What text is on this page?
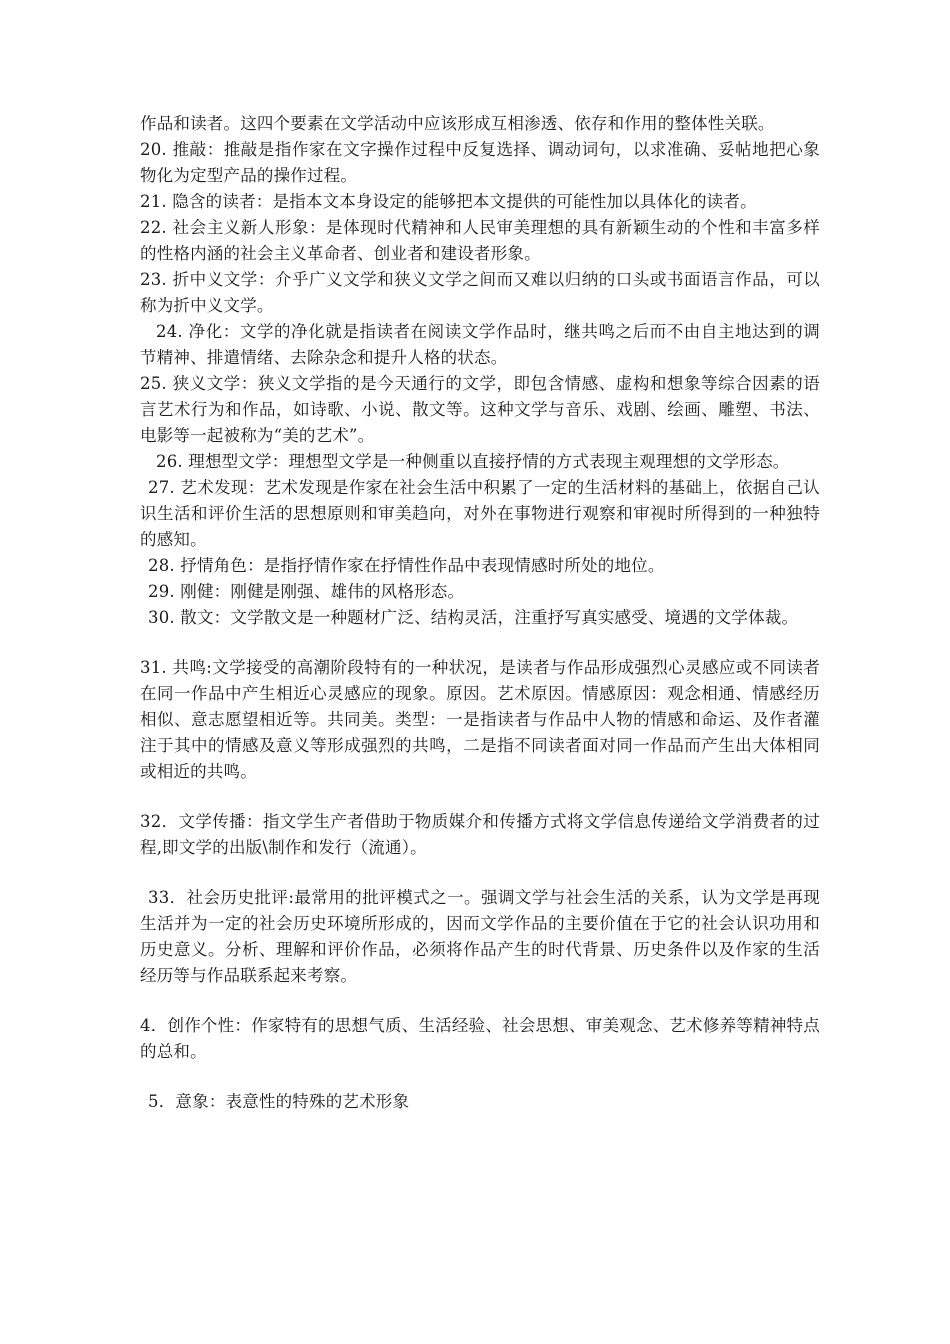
作品和读者。这四个要素在文学活动中应该形成互相渗透、依存和作用的整体性关联。

20. 推敲：推敲是指作家在文字操作过程中反复选择、调动词句，以求准确、妥帖地把心象物化为定型产品的操作过程。

21. 隐含的读者：是指本文本身设定的能够把本文提供的可能性加以具体化的读者。

22. 社会主义新人形象：是体现时代精神和人民审美理想的具有新颖生动的个性和丰富多样的性格内涵的社会主义革命者、创业者和建设者形象。

23. 折中义文学：介乎广义文学和狭义文学之间而又难以归纳的口头或书面语言作品，可以称为折中义文学。

24. 净化：文学的净化就是指读者在阅读文学作品时，继共鸣之后而不由自主地达到的调节精神、排遣情绪、去除杂念和提升人格的状态。

25. 狭义文学：狭义文学指的是今天通行的文学，即包含情感、虚构和想象等综合因素的语言艺术行为和作品，如诗歌、小说、散文等。这种文学与音乐、戏剧、绘画、雕塑、书法、电影等一起被称为“美的艺术”。

26. 理想型文学：理想型文学是一种侧重以直接抒情的方式表现主观理想的文学形态。

27. 艺术发现：艺术发现是作家在社会生活中积累了一定的生活材料的基础上，依据自己认识生活和评价生活的思想原则和审美趋向，对外在事物进行观察和审视时所得到的一种独特的感知。

28. 抒情角色：是指抒情作家在抒情性作品中表现情感时所处的地位。

29. 刚健：刚健是刚强、雄伟的风格形态。

30. 散文：文学散文是一种题材广泛、结构灵活，注重抒写真实感受、境遇的文学体裁。

31. 共鸣:文学接受的高潮阶段特有的一种状况，是读者与作品形成强烈心灵感应或不同读者在同一作品中产生相近心灵感应的现象。原因。艺术原因。情感原因：观念相通、情感经历相似、意志愿望相近等。共同美。类型：一是指读者与作品中人物的情感和命运、及作者灌注于其中的情感及意义等形成强烈的共鸣，二是指不同读者面对同一作品而产生出大体相同或相近的共鸣。

32．文学传播：指文学生产者借助于物质媒介和传播方式将文学信息传递给文学消费者的过程,即文学的出版\制作和发行（流通）。

33．社会历史批评:最常用的批评模式之一。强调文学与社会生活的关系，认为文学是再现生活并为一定的社会历史环境所形成的，因而文学作品的主要价值在于它的社会认识功用和历史意义。分析、理解和评价作品，必须将作品产生的时代背景、历史条件以及作家的生活经历等与作品联系起来考察。

4．创作个性：作家特有的思想气质、生活经验、社会思想、审美观念、艺术修养等精神特点的总和。

5．意象：表意性的特殊的艺术形象
